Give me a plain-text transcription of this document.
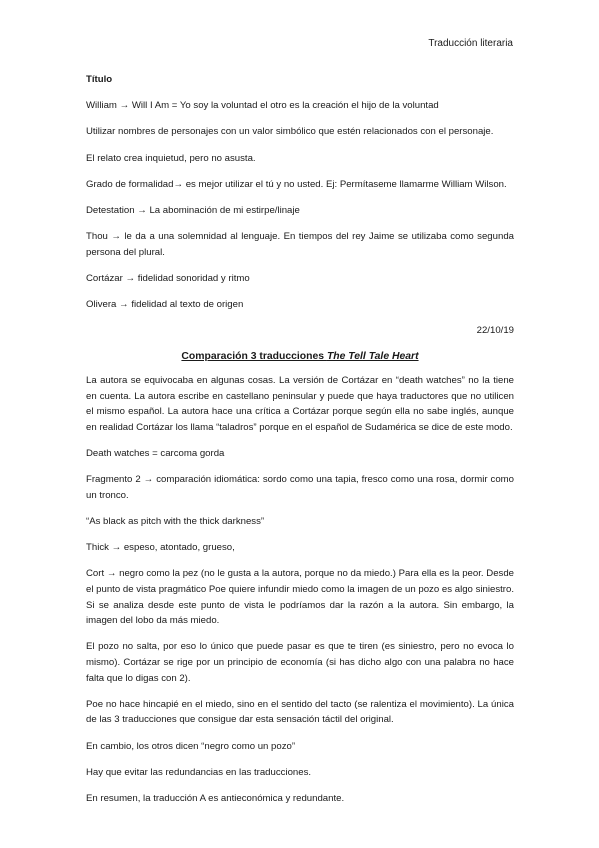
Traducción literaria

Título

William → Will I Am = Yo soy la voluntad el otro es la creación el hijo de la voluntad

Utilizar nombres de personajes con un valor simbólico que estén relacionados con el personaje.

El relato crea inquietud, pero no asusta.

Grado de formalidad→ es mejor utilizar el tú y no usted. Ej: Permítaseme llamarme William Wilson.

Detestation → La abominación de mi estirpe/linaje

Thou → le da a una solemnidad al lenguaje. En tiempos del rey Jaime se utilizaba como segunda persona del plural.

Cortázar → fidelidad sonoridad y ritmo

Olivera → fidelidad al texto de origen

22/10/19

Comparación 3 traducciones The Tell Tale Heart

La autora se equivocaba en algunas cosas. La versión de Cortázar en “death watches” no la tiene en cuenta. La autora escribe en castellano peninsular y puede que haya traductores que no utilicen el mismo español. La autora hace una crítica a Cortázar porque según ella no sabe inglés, aunque en realidad Cortázar los llama “taladros” porque en el español de Sudamérica se dice de este modo.

Death watches = carcoma gorda

Fragmento 2 → comparación idiomática: sordo como una tapia, fresco como una rosa, dormir como un tronco.

“As black as pitch with the thick darkness”

Thick → espeso, atontado, grueso,

Cort → negro como la pez (no le gusta a la autora, porque no da miedo.) Para ella es la peor. Desde el punto de vista pragmático Poe quiere infundir miedo como la imagen de un pozo es algo siniestro. Si se analiza desde este punto de vista le podríamos dar la razón a la autora. Sin embargo, la imagen del lobo da más miedo.

El pozo no salta, por eso lo único que puede pasar es que te tiren (es siniestro, pero no evoca lo mismo). Cortázar se rige por un principio de economía (si has dicho algo con una palabra no hace falta que lo digas con 2).

Poe no hace hincapié en el miedo, sino en el sentido del tacto (se ralentiza el movimiento). La única de las 3 traducciones que consigue dar esta sensación táctil del original.

En cambio, los otros dicen “negro como un pozo”

Hay que evitar las redundancias en las traducciones.

En resumen, la traducción A es antieconómica y redundante.
